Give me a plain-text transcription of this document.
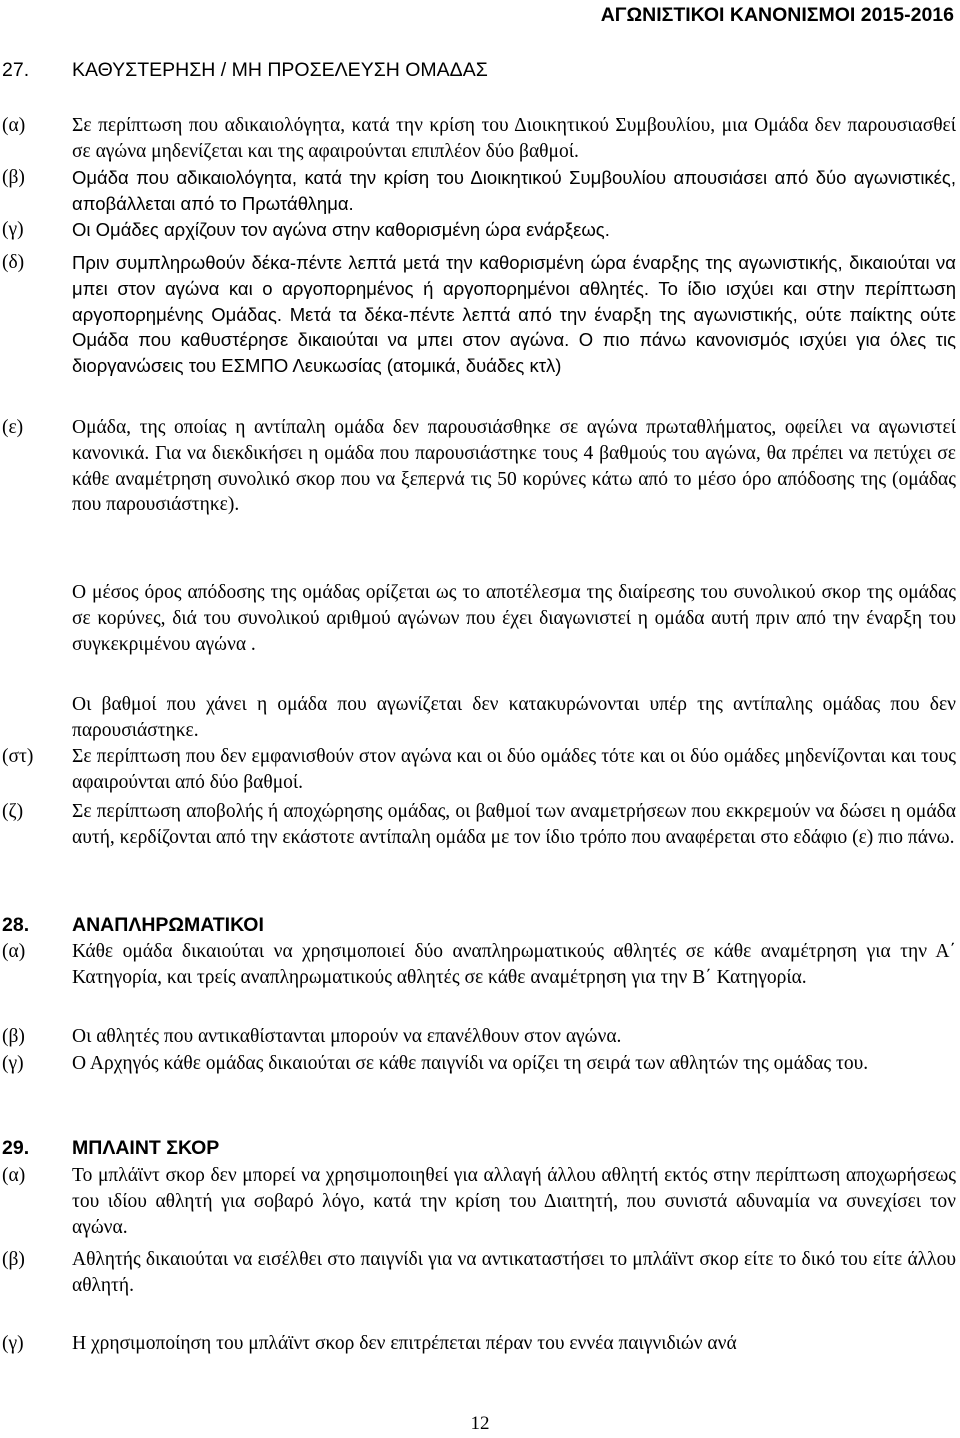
ΑΓΩΝΙΣΤΙΚΟΙ ΚΑΝΟΝΙΣΜΟΙ 2015-2016
27. ΚΑΘΥΣΤΕΡΗΣΗ / ΜΗ ΠΡΟΣΕΛΕΥΣΗ ΟΜΑΔΑΣ
(α) Σε περίπτωση που αδικαιολόγητα, κατά την κρίση του Διοικητικού Συμβουλίου, μια Ομάδα δεν παρουσιασθεί σε αγώνα μηδενίζεται και της αφαιρούνται επιπλέον δύο βαθμοί.
(β)	Ομάδα που αδικαιολόγητα, κατά την κρίση του Διοικητικού Συμβουλίου απουσιάσει από δύο αγωνιστικές, αποβάλλεται από το Πρωτάθλημα.
(γ)	Οι Ομάδες αρχίζουν τον αγώνα στην καθορισμένη ώρα ενάρξεως.
(δ)	Πριν συμπληρωθούν δέκα-πέντε λεπτά μετά την καθορισμένη ώρα έναρξης της αγωνιστικής, δικαιούται να μπει στον αγώνα και ο αργοπορημένος ή αργοπορημένοι αθλητές. Το ίδιο ισχύει και στην περίπτωση αργοπορημένης Ομάδας. Μετά τα δέκα-πέντε λεπτά από την έναρξη της αγωνιστικής, ούτε παίκτης ούτε Ομάδα που καθυστέρησε δικαιούται να μπει στον αγώνα. Ο πιο πάνω κανονισμός ισχύει για όλες τις διοργανώσεις του ΕΣΜΠΟ Λευκωσίας (ατομικά, δυάδες κτλ)
(ε)	Ομάδα, της οποίας η αντίπαλη ομάδα δεν παρουσιάσθηκε σε αγώνα πρωταθλήματος, οφείλει να αγωνιστεί κανονικά. Για να διεκδικήσει η ομάδα που παρουσιάστηκε τους 4 βαθμούς του αγώνα, θα πρέπει να πετύχει σε κάθε αναμέτρηση συνολικό σκορ που να ξεπερνά τις 50 κορύνες κάτω από το μέσο όρο απόδοσης της (ομάδας που παρουσιάστηκε).
Ο μέσος όρος απόδοσης της ομάδας ορίζεται ως το αποτέλεσμα της διαίρεσης του συνολικού σκορ της ομάδας σε κορύνες, διά του συνολικού αριθμού αγώνων που έχει διαγωνιστεί η ομάδα αυτή πριν από την έναρξη του συγκεκριμένου αγώνα .
Οι βαθμοί που χάνει η ομάδα που αγωνίζεται δεν κατακυρώνονται υπέρ της αντίπαλης ομάδας που δεν παρουσιάστηκε.
(στ) Σε περίπτωση που δεν εμφανισθούν στον αγώνα και οι δύο ομάδες τότε και οι δύο ομάδες μηδενίζονται και τους αφαιρούνται από δύο βαθμοί.
(ζ)	Σε περίπτωση αποβολής ή αποχώρησης ομάδας, οι βαθμοί των αναμετρήσεων που εκκρεμούν να δώσει η ομάδα αυτή, κερδίζονται από την εκάστοτε αντίπαλη ομάδα με τον ίδιο τρόπο που αναφέρεται στο εδάφιο (ε) πιο πάνω.
28. ΑΝΑΠΛΗΡΩΜΑΤΙΚΟΙ
(α) Κάθε ομάδα δικαιούται να χρησιμοποιεί δύο αναπληρωματικούς αθλητές σε κάθε αναμέτρηση για την Α΄ Κατηγορία, και τρείς αναπληρωματικούς αθλητές σε κάθε αναμέτρηση για την Β΄ Κατηγορία.
(β) Οι αθλητές που αντικαθίστανται μπορούν να επανέλθουν στον αγώνα.
(γ) Ο Αρχηγός κάθε ομάδας δικαιούται σε κάθε παιγνίδι να ορίζει τη σειρά των αθλητών της ομάδας του.
29. ΜΠΛΑΙΝΤ ΣΚΟΡ
(α) Το μπλάϊντ σκορ δεν μπορεί να χρησιμοποιηθεί για αλλαγή άλλου αθλητή εκτός στην περίπτωση αποχωρήσεως του ιδίου αθλητή για σοβαρό λόγο, κατά την κρίση του Διαιτητή, που συνιστά αδυναμία να συνεχίσει τον αγώνα.
(β) Αθλητής δικαιούται να εισέλθει στο παιγνίδι για να αντικαταστήσει το μπλάϊντ σκορ είτε το δικό του είτε άλλου αθλητή.
(γ) Η χρησιμοποίηση του μπλάϊντ σκορ δεν επιτρέπεται πέραν του εννέα παιγνιδιών ανά
12
